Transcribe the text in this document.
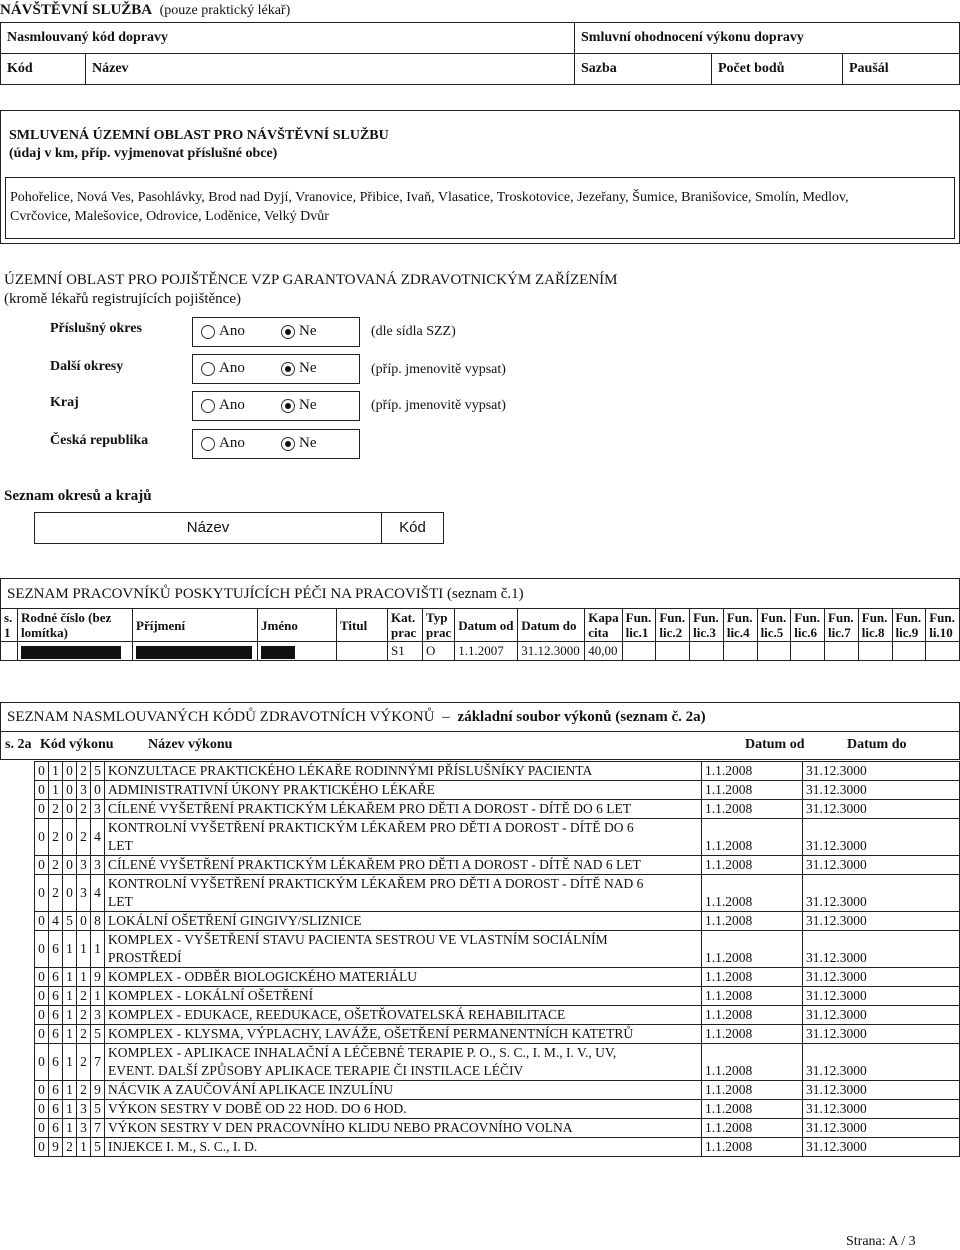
NÁVŠTĚVNÍ SLUŽBA (pouze praktický lékař)
Nasmlouvaný kód dopravy		Smluvní ohodnocení výkonu dopravy		
Kód	Název	Sazba	Počet bodů	Paušál
SMLUVENÁ ÚZEMNÍ OBLAST PRO NÁVŠTĚVNÍ SLUŽBU
(údaj v km, příp. vyjmenovat příslušné obce)
Pohořelice, Nová Ves, Pasohlávky, Brod nad Dyjí, Vranovice, Přibice, Ivaň, Vlasatice, Troskotovice, Jezeřany, Šumice, Branišovice, Smolín, Medlov,
Cvrčovice, Malešovice, Odrovice, Loděnice, Velký Dvůr
ÚZEMNÍ OBLAST PRO POJIŠTĚNCE VZP GARANTOVANÁ ZDRAVOTNICKÝM ZAŘÍZENÍM
(kromě lékařů registrujících pojištěnce)
Příslušný okres	Ano	Ne	(dle sídla SZZ)
Další okresy	Ano	Ne	(příp. jmenovitě vypsat)
Kraj	Ano	Ne	(příp. jmenovitě vypsat)
Česká republika	Ano	Ne
Seznam okresů a krajů
Název	Kód
SEZNAM PRACOVNÍKŮ POSKYTUJÍCÍCH PÉČI NA PRACOVIŠTI (seznam č.1)
s. 1	Rodné číslo (bez lomítka)	Příjmení	Jméno	Titul	Kat. prac	Typ prac	Datum od	Datum do	Kapa cita	Fun. lic.1	Fun. lic.2	Fun. lic.3	Fun. lic.4	Fun. lic.5	Fun. lic.6	Fun. lic.7	Fun. lic.8	Fun. lic.9	Fun. li.10
					S1	O	1.1.2007	31.12.3000	40,00										
SEZNAM NASMLOUVANÝCH KÓDŮ ZDRAVOTNÍCH VÝKONŮ – základní soubor výkonů (seznam č. 2a)
s. 2a Kód výkonu Název výkonu	Datum od	Datum do
0	1	0	2	5	KONZULTACE PRAKTICKÉHO LÉKAŘE RODINNÝMI PŘÍSLUŠNÍKY PACIENTA	1.1.2008	31.12.3000
0	1	0	3	0	ADMINISTRATIVNÍ ÚKONY PRAKTICKÉHO LÉKAŘE	1.1.2008	31.12.3000
0	2	0	2	3	CÍLENÉ VYŠETŘENÍ PRAKTICKÝM LÉKAŘEM PRO DĚTI A DOROST - DÍTĚ DO 6 LET	1.1.2008	31.12.3000
0	2	0	2	4	KONTROLNÍ VYŠETŘENÍ PRAKTICKÝM LÉKAŘEM PRO DĚTI A DOROST - DÍTĚ DO 6
LET	1.1.2008	31.12.3000
0	2	0	3	3	CÍLENÉ VYŠETŘENÍ PRAKTICKÝM LÉKAŘEM PRO DĚTI A DOROST - DÍTĚ NAD 6 LET	1.1.2008	31.12.3000
0	2	0	3	4	KONTROLNÍ VYŠETŘENÍ PRAKTICKÝM LÉKAŘEM PRO DĚTI A DOROST - DÍTĚ NAD 6
LET	1.1.2008	31.12.3000
0	4	5	0	8	LOKÁLNÍ OŠETŘENÍ GINGIVY/SLIZNICE	1.1.2008	31.12.3000
0	6	1	1	1	KOMPLEX - VYŠETŘENÍ STAVU PACIENTA SESTROU VE VLASTNÍM SOCIÁLNÍM
PROSTŘEDÍ	1.1.2008	31.12.3000
0	6	1	1	9	KOMPLEX - ODBĚR BIOLOGICKÉHO MATERIÁLU	1.1.2008	31.12.3000
0	6	1	2	1	KOMPLEX - LOKÁLNÍ OŠETŘENÍ	1.1.2008	31.12.3000
0	6	1	2	3	KOMPLEX - EDUKACE, REEDUKACE, OŠETŘOVATELSKÁ REHABILITACE	1.1.2008	31.12.3000
0	6	1	2	5	KOMPLEX - KLYSMA, VÝPLACHY, LAVÁŽE, OŠETŘENÍ PERMANENTNÍCH KATETRŮ	1.1.2008	31.12.3000
0	6	1	2	7	KOMPLEX - APLIKACE INHALAČNÍ A LÉČEBNÉ TERAPIE P. O., S. C., I. M., I. V., UV,
EVENT. DALŠÍ ZPŮSOBY APLIKACE TERAPIE ČI INSTILACE LÉČIV	1.1.2008	31.12.3000
0	6	1	2	9	NÁCVIK A ZAUČOVÁNÍ APLIKACE INZULÍNU	1.1.2008	31.12.3000
0	6	1	3	5	VÝKON SESTRY V DOBĚ OD 22 HOD. DO 6 HOD.	1.1.2008	31.12.3000
0	6	1	3	7	VÝKON SESTRY V DEN PRACOVNÍHO KLIDU NEBO PRACOVNÍHO VOLNA	1.1.2008	31.12.3000
0	9	2	1	5	INJEKCE I. M., S. C., I. D.	1.1.2008	31.12.3000
Strana: A / 3
